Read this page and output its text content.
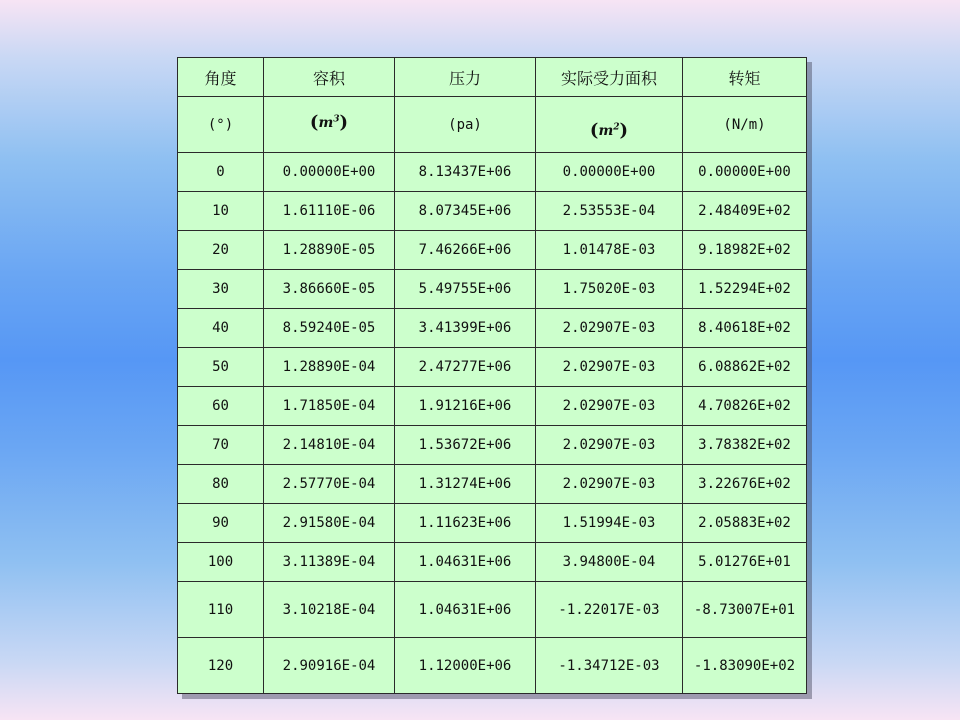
角度	容积	压力	实际受力面积	转矩
(°)	$(m^3)$	(pa)	$(m^2)$	(N/m)
0	0.00000E+00	8.13437E+06	0.00000E+00	0.00000E+00
10	1.61110E-06	8.07345E+06	2.53553E-04	2.48409E+02
20	1.28890E-05	7.46266E+06	1.01478E-03	9.18982E+02
30	3.86660E-05	5.49755E+06	1.75020E-03	1.52294E+02
40	8.59240E-05	3.41399E+06	2.02907E-03	8.40618E+02
50	1.28890E-04	2.47277E+06	2.02907E-03	6.08862E+02
60	1.71850E-04	1.91216E+06	2.02907E-03	4.70826E+02
70	2.14810E-04	1.53672E+06	2.02907E-03	3.78382E+02
80	2.57770E-04	1.31274E+06	2.02907E-03	3.22676E+02
90	2.91580E-04	1.11623E+06	1.51994E-03	2.05883E+02
100	3.11389E-04	1.04631E+06	3.94800E-04	5.01276E+01
110	3.10218E-04	1.04631E+06	-1.22017E-03	-8.73007E+01
120	2.90916E-04	1.12000E+06	-1.34712E-03	-1.83090E+02
